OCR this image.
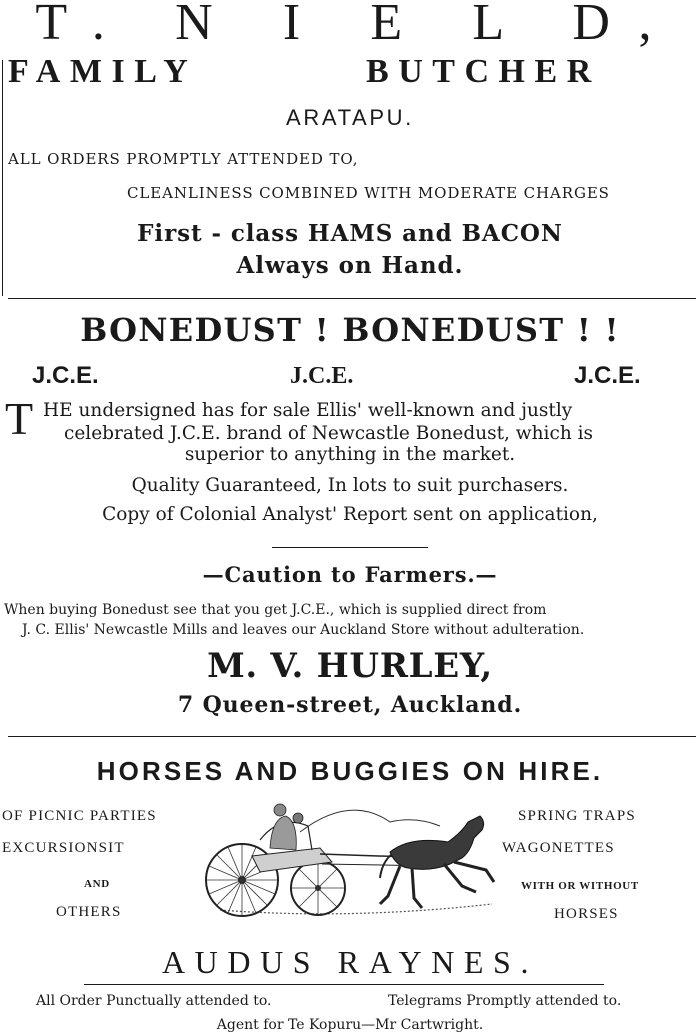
T. N I E L D,
FAMILY	BUTCHER
ARATAPU.
ALL ORDERS PROMPTLY ATTENDED TO,
CLEANLINESS COMBINED WITH MODERATE CHARGES
First - class HAMS and BACON
Always on Hand.
BONEDUST ! BONEDUST ! !
J.C.E.	J.C.E.	J.C.E.
T HE undersigned has for sale Ellis' well-known and justly
celebrated J.C.E. brand of Newcastle Bonedust, which is
superior to anything in the market.
Quality Guaranteed, In lots to suit purchasers.
Copy of Colonial Analyst' Report sent on application,
—Caution to Farmers.—
When buying Bonedust see that you get J.C.E., which is supplied direct from
J. C. Ellis' Newcastle Mills and leaves our Auckland Store without adulteration.
M. V. HURLEY,
7 Queen-street, Auckland.
HORSES AND BUGGIES ON HIRE.
OF PICNIC PARTIES
EXCURSIONSIT
AND
OTHERS
SPRING TRAPS
WAGONETTES
WITH OR WITHOUT
HORSES
AUDUS RAYNES.
All Order Punctually attended to.	Telegrams Promptly attended to.
Agent for Te Kopuru—Mr Cartwright.
